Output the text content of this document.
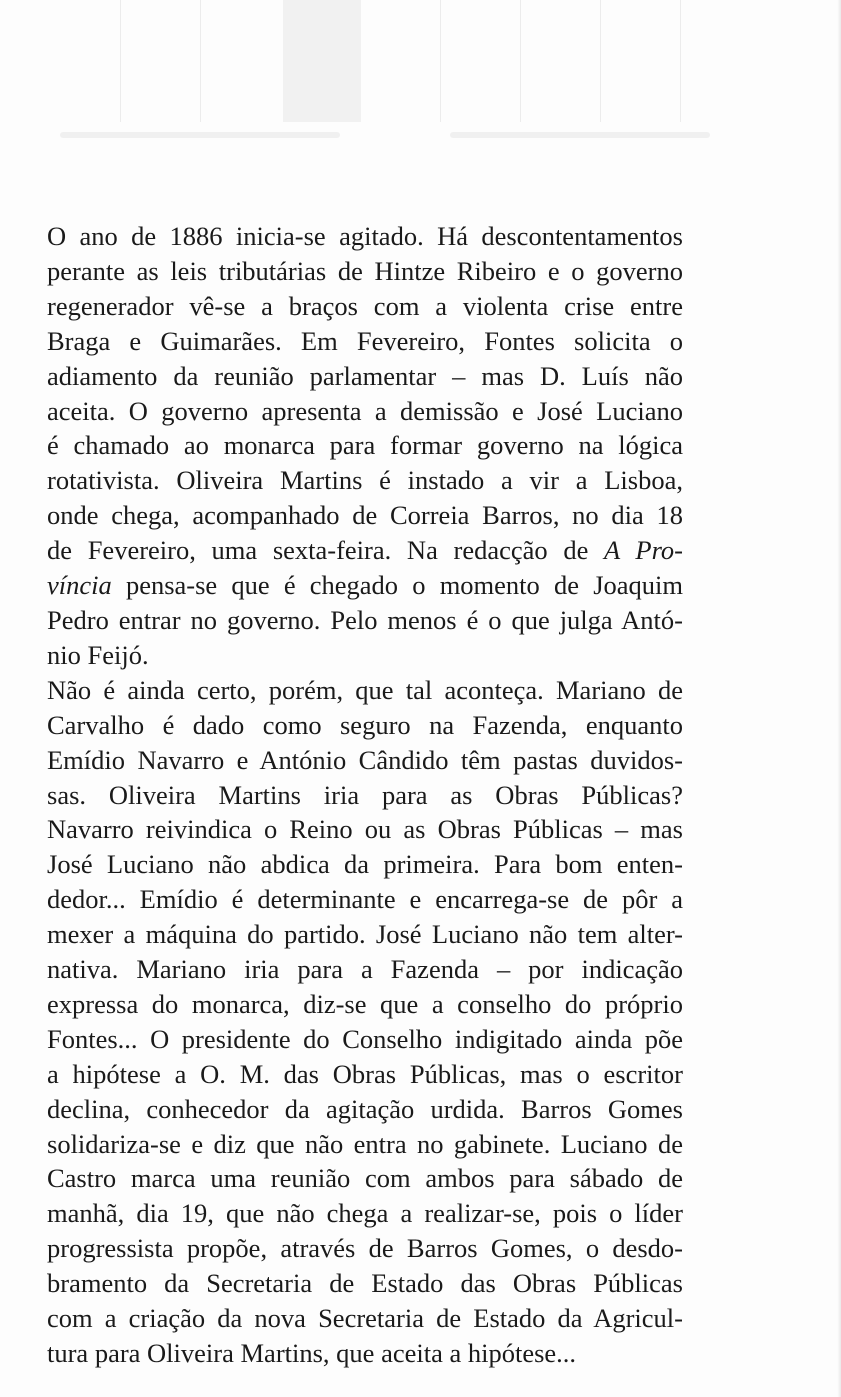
O ano de 1886 inicia-se agitado. Há descontentamentos
perante as leis tributárias de Hintze Ribeiro e o governo
regenerador vê-se a braços com a violenta crise entre
Braga e Guimarães. Em Fevereiro, Fontes solicita o
adiamento da reunião parlamentar – mas D. Luís não
aceita. O governo apresenta a demissão e José Luciano
é chamado ao monarca para formar governo na lógica
rotativista. Oliveira Martins é instado a vir a Lisboa,
onde chega, acompanhado de Correia Barros, no dia 18
de Fevereiro, uma sexta-feira. Na redacção de A Pro-
víncia pensa-se que é chegado o momento de Joaquim
Pedro entrar no governo. Pelo menos é o que julga Antó-
nio Feijó.
Não é ainda certo, porém, que tal aconteça. Mariano de
Carvalho é dado como seguro na Fazenda, enquanto
Emídio Navarro e António Cândido têm pastas duvidos-
sas. Oliveira Martins iria para as Obras Públicas?
Navarro reivindica o Reino ou as Obras Públicas – mas
José Luciano não abdica da primeira. Para bom enten-
dedor... Emídio é determinante e encarrega-se de pôr a
mexer a máquina do partido. José Luciano não tem alter-
nativa. Mariano iria para a Fazenda – por indicação
expressa do monarca, diz-se que a conselho do próprio
Fontes... O presidente do Conselho indigitado ainda põe
a hipótese a O. M. das Obras Públicas, mas o escritor
declina, conhecedor da agitação urdida. Barros Gomes
solidariza-se e diz que não entra no gabinete. Luciano de
Castro marca uma reunião com ambos para sábado de
manhã, dia 19, que não chega a realizar-se, pois o líder
progressista propõe, através de Barros Gomes, o desdo-
bramento da Secretaria de Estado das Obras Públicas
com a criação da nova Secretaria de Estado da Agricul-
tura para Oliveira Martins, que aceita a hipótese...
